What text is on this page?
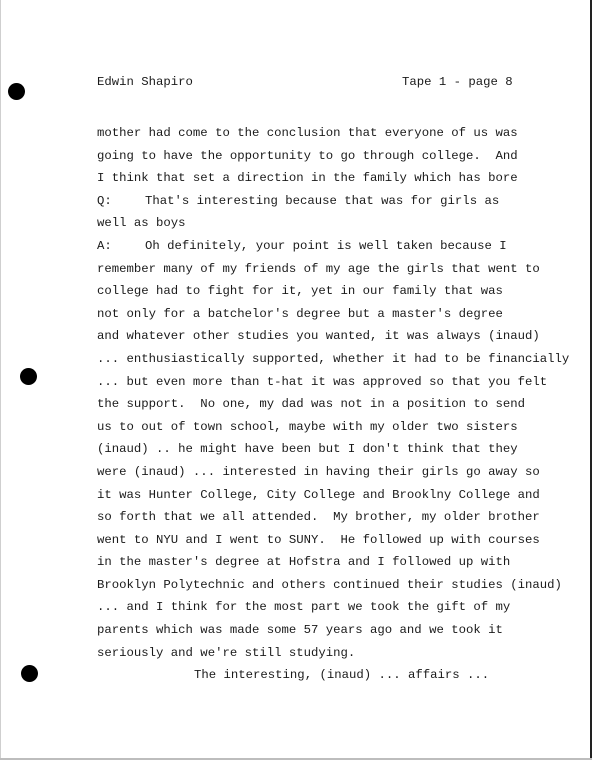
Edwin Shapiro	Tape 1 - page 8
mother had come to the conclusion that everyone of us was
going to have the opportunity to go through college.  And
I think that set a direction in the family which has bore
Q:	That's interesting because that was for girls as
well as boys
A:	Oh definitely, your point is well taken because I
remember many of my friends of my age the girls that went to
college had to fight for it, yet in our family that was
not only for a batchelor's degree but a master's degree
and whatever other studies you wanted, it was always (inaud)
... enthusiastically supported, whether it had to be financially
... but even more than t-hat it was approved so that you felt
the support.  No one, my dad was not in a position to send
us to out of town school, maybe with my older two sisters
(inaud) .. he might have been but I don't think that they
were (inaud) ... interested in having their girls go away so
it was Hunter College, City College and Brooklny College and
so forth that we all attended.  My brother, my older brother
went to NYU and I went to SUNY.  He followed up with courses
in the master's degree at Hofstra and I followed up with
Brooklyn Polytechnic and others continued their studies (inaud)
... and I think for the most part we took the gift of my
parents which was made some 57 years ago and we took it
seriously and we're still studying.
The interesting, (inaud) ... affairs ...
